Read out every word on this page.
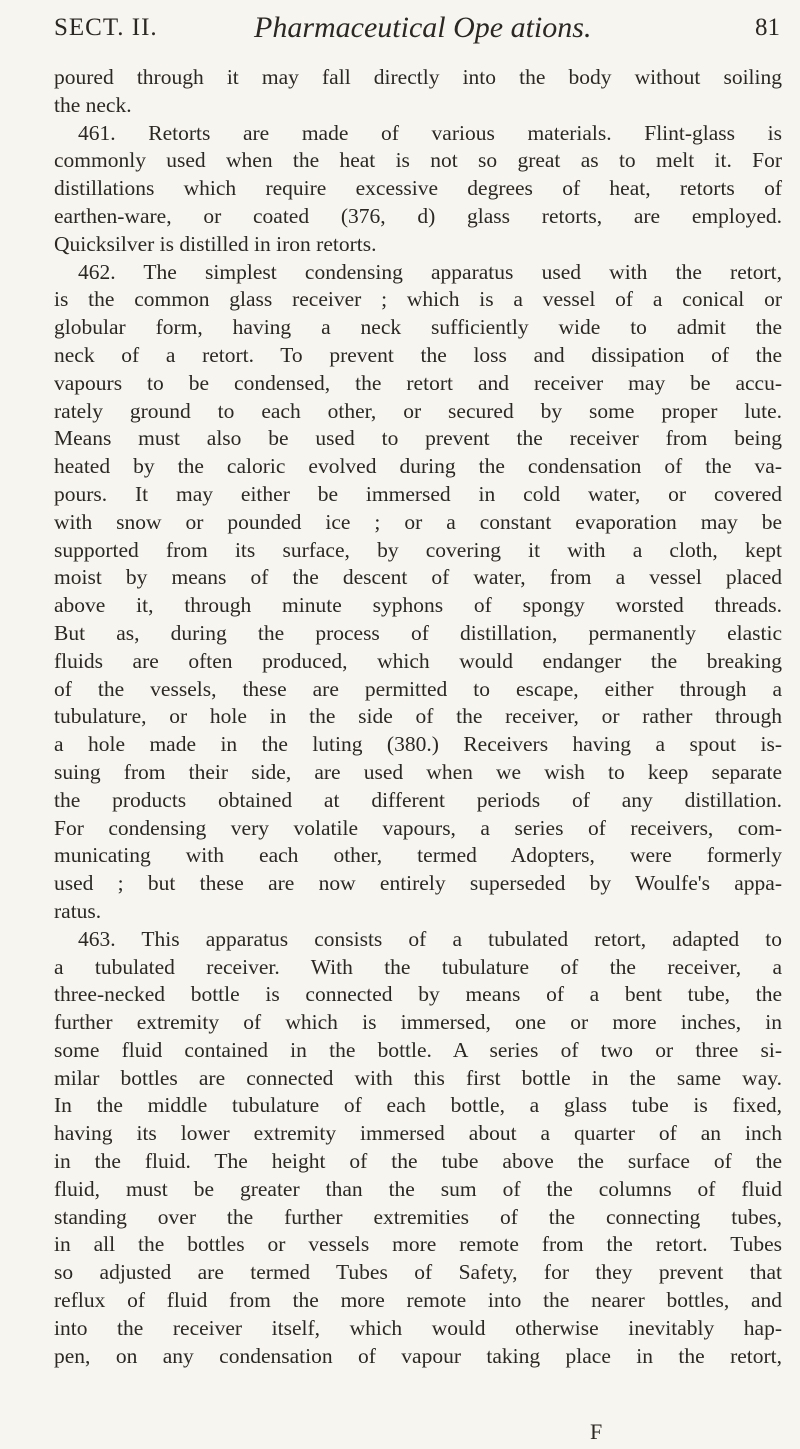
SECT. II.	Pharmaceutical Ope ations.	81
poured through it may fall directly into the body without soiling
the neck.
461. Retorts are made of various materials. Flint-glass is
commonly used when the heat is not so great as to melt it. For
distillations which require excessive degrees of heat, retorts of
earthen-ware, or coated (376, d) glass retorts, are employed.
Quicksilver is distilled in iron retorts.
462. The simplest condensing apparatus used with the retort,
is the common glass receiver ; which is a vessel of a conical or
globular form, having a neck sufficiently wide to admit the
neck of a retort. To prevent the loss and dissipation of the
vapours to be condensed, the retort and receiver may be accu-
rately ground to each other, or secured by some proper lute.
Means must also be used to prevent the receiver from being
heated by the caloric evolved during the condensation of the va-
pours. It may either be immersed in cold water, or covered
with snow or pounded ice ; or a constant evaporation may be
supported from its surface, by covering it with a cloth, kept
moist by means of the descent of water, from a vessel placed
above it, through minute syphons of spongy worsted threads.
But as, during the process of distillation, permanently elastic
fluids are often produced, which would endanger the breaking
of the vessels, these are permitted to escape, either through a
tubulature, or hole in the side of the receiver, or rather through
a hole made in the luting (380.) Receivers having a spout is-
suing from their side, are used when we wish to keep separate
the products obtained at different periods of any distillation.
For condensing very volatile vapours, a series of receivers, com-
municating with each other, termed Adopters, were formerly
used ; but these are now entirely superseded by Woulfe's appa-
ratus.
463. This apparatus consists of a tubulated retort, adapted to
a tubulated receiver. With the tubulature of the receiver, a
three-necked bottle is connected by means of a bent tube, the
further extremity of which is immersed, one or more inches, in
some fluid contained in the bottle. A series of two or three si-
milar bottles are connected with this first bottle in the same way.
In the middle tubulature of each bottle, a glass tube is fixed,
having its lower extremity immersed about a quarter of an inch
in the fluid. The height of the tube above the surface of the
fluid, must be greater than the sum of the columns of fluid
standing over the further extremities of the connecting tubes,
in all the bottles or vessels more remote from the retort. Tubes
so adjusted are termed Tubes of Safety, for they prevent that
reflux of fluid from the more remote into the nearer bottles, and
into the receiver itself, which would otherwise inevitably hap-
pen, on any condensation of vapour taking place in the retort,
F
